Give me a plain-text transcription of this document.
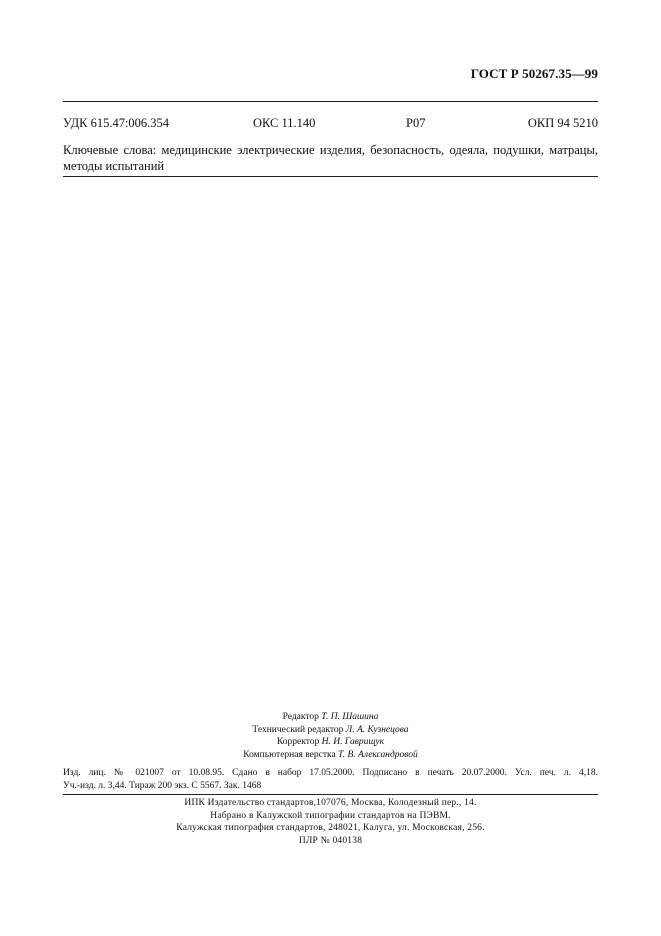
ГОСТ Р 50267.35—99
УДК 615.47:006.354	ОКС 11.140	Р07	ОКП 94 5210
Ключевые слова: медицинские электрические изделия, безопасность, одеяла, подушки, матрацы, методы испытаний
Редактор Т. П. Шашина
Технический редактор Л. А. Кузнецова
Корректор Н. И. Гаврищук
Компьютерная верстка Т. В. Александровой
Изд. лиц. № 021007 от 10.08.95. Сдано в набор 17.05.2000. Подписано в печать 20.07.2000. Усл. печ. л. 4,18.
Уч.-изд. л. 3,44. Тираж 200 экз. С 5567. Зак. 1468
ИПК Издательство стандартов,107076, Москва, Колодезный пер., 14.
Набрано в Калужской типографии стандартов на ПЭВМ.
Калужская типография стандартов, 248021, Калуга, ул. Московская, 256.
ПЛР № 040138
